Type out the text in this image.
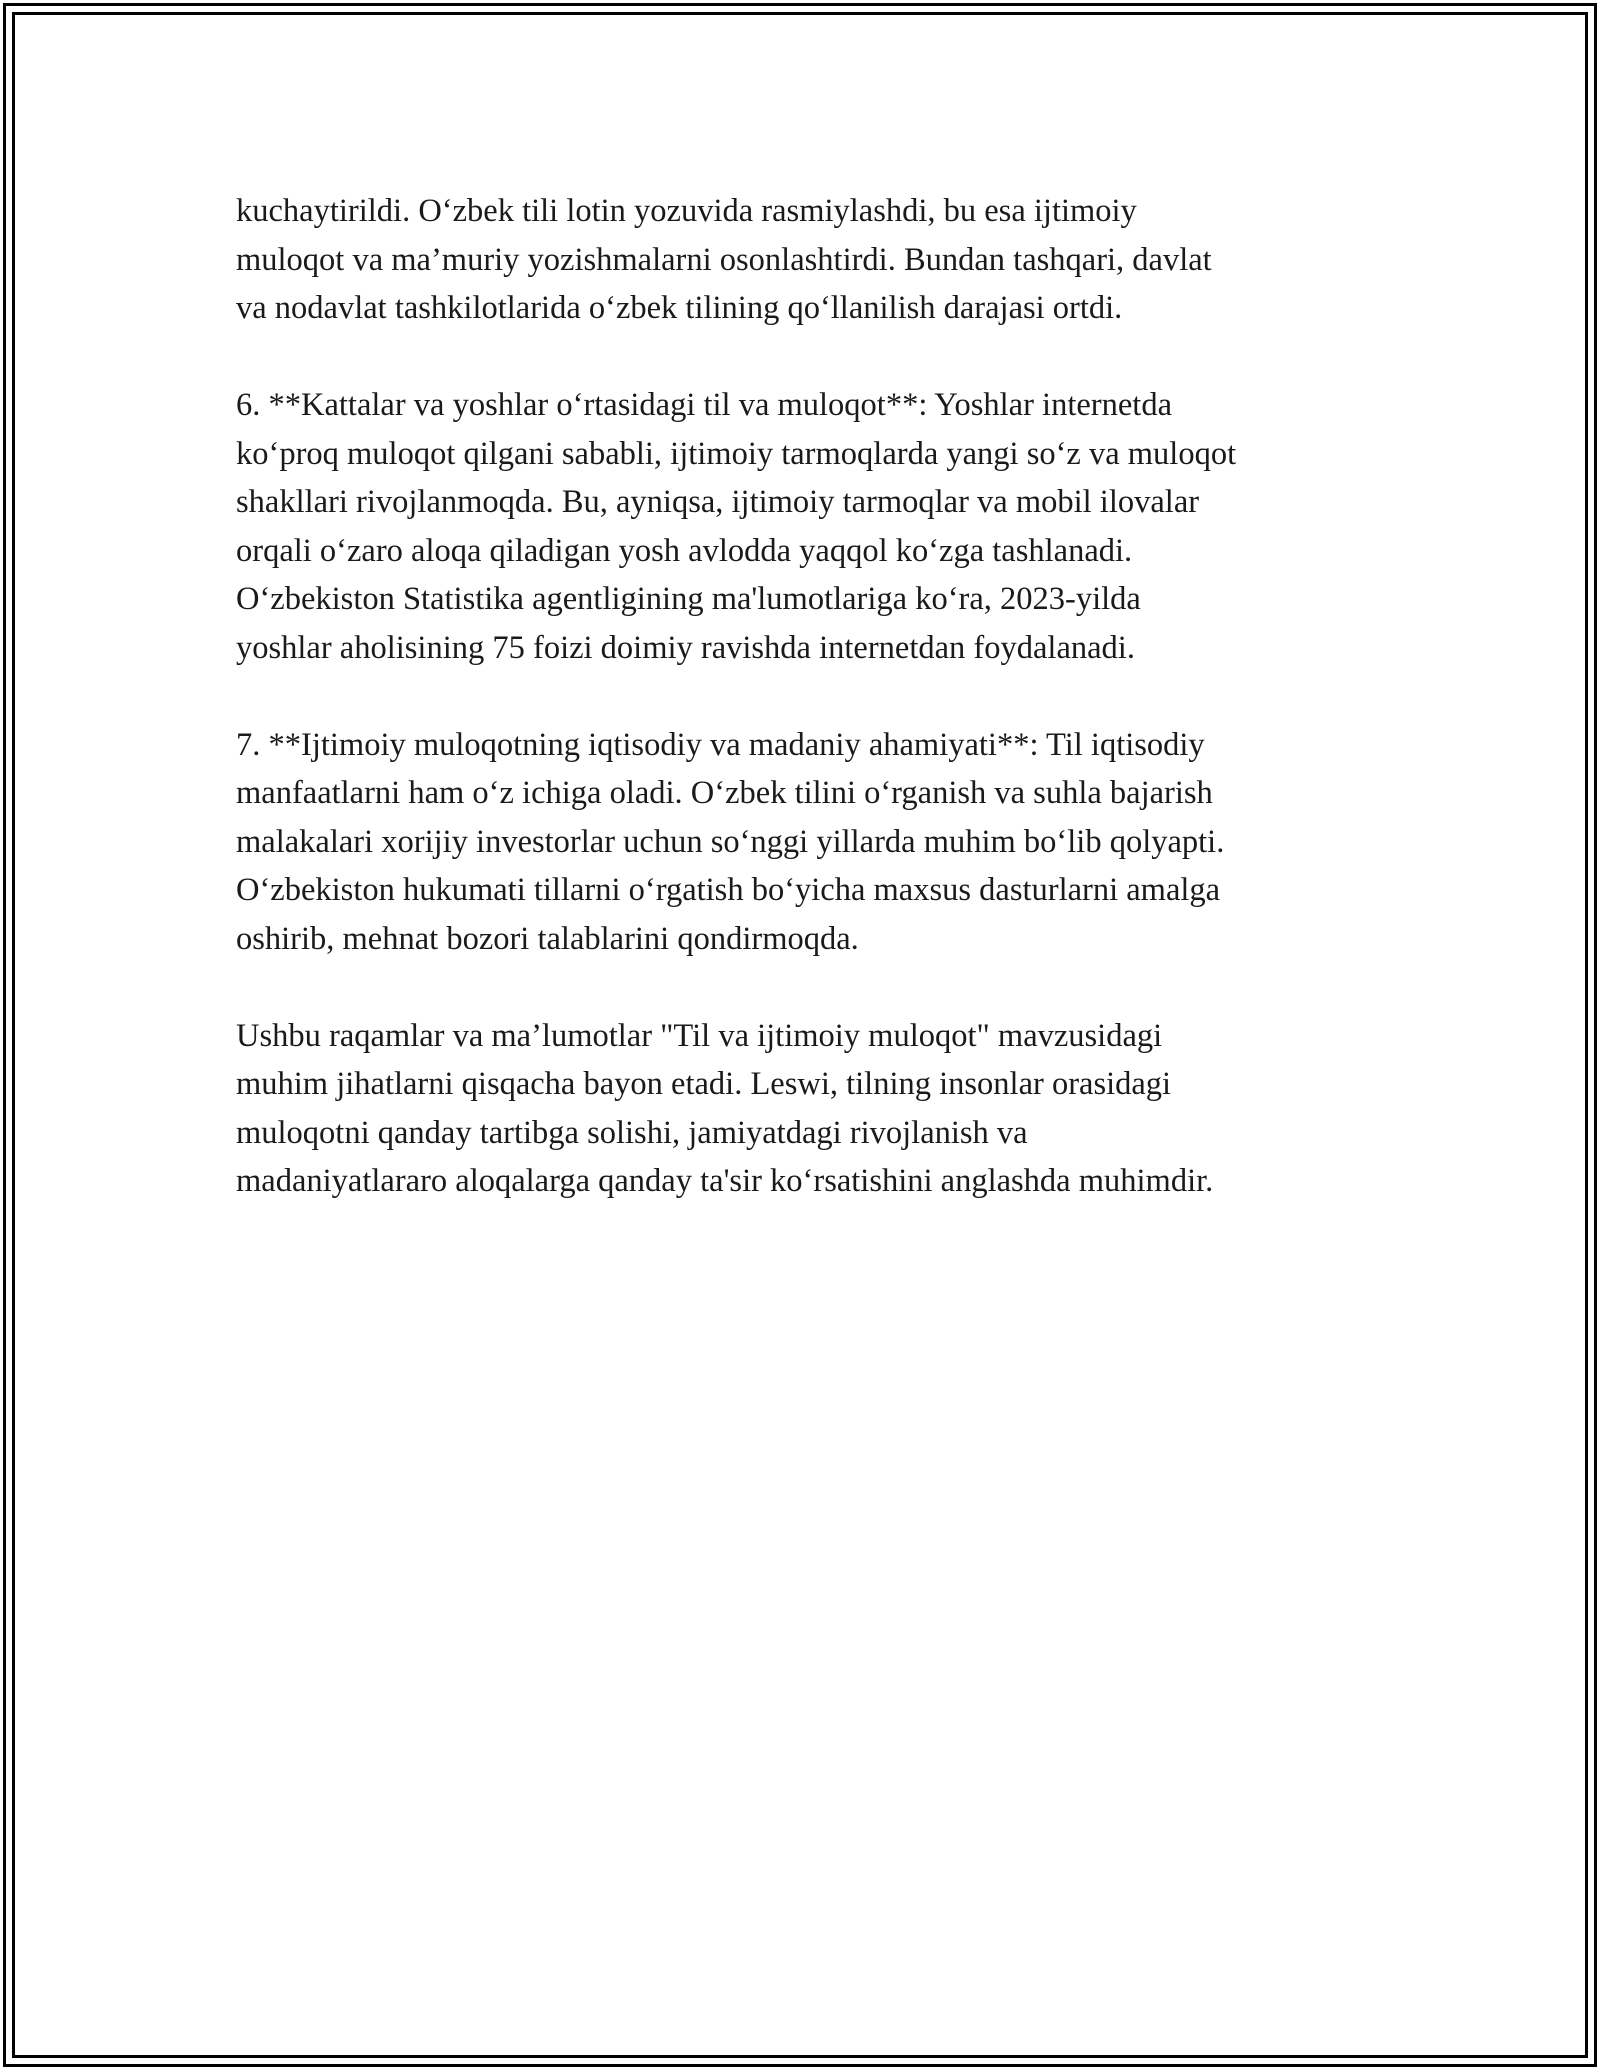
kuchaytirildi. O‘zbek tili lotin yozuvida rasmiylashdi, bu esa ijtimoiy
muloqot va ma’muriy yozishmalarni osonlashtirdi. Bundan tashqari, davlat
va nodavlat tashkilotlarida o‘zbek tilining qo‘llanilish darajasi ortdi.

6. **Kattalar va yoshlar o‘rtasidagi til va muloqot**: Yoshlar internetda
ko‘proq muloqot qilgani sababli, ijtimoiy tarmoqlarda yangi so‘z va muloqot
shakllari rivojlanmoqda. Bu, ayniqsa, ijtimoiy tarmoqlar va mobil ilovalar
orqali o‘zaro aloqa qiladigan yosh avlodda yaqqol ko‘zga tashlanadi.
O‘zbekiston Statistika agentligining ma'lumotlariga ko‘ra, 2023-yilda
yoshlar aholisining 75 foizi doimiy ravishda internetdan foydalanadi.

7. **Ijtimoiy muloqotning iqtisodiy va madaniy ahamiyati**: Til iqtisodiy
manfaatlarni ham o‘z ichiga oladi. O‘zbek tilini o‘rganish va suhla bajarish
malakalari xorijiy investorlar uchun so‘nggi yillarda muhim bo‘lib qolyapti.
O‘zbekiston hukumati tillarni o‘rgatish bo‘yicha maxsus dasturlarni amalga
oshirib, mehnat bozori talablarini qondirmoqda.

Ushbu raqamlar va ma’lumotlar "Til va ijtimoiy muloqot" mavzusidagi
muhim jihatlarni qisqacha bayon etadi. Leswi, tilning insonlar orasidagi
muloqotni qanday tartibga solishi, jamiyatdagi rivojlanish va
madaniyatlararo aloqalarga qanday ta'sir ko‘rsatishini anglashda muhimdir.
